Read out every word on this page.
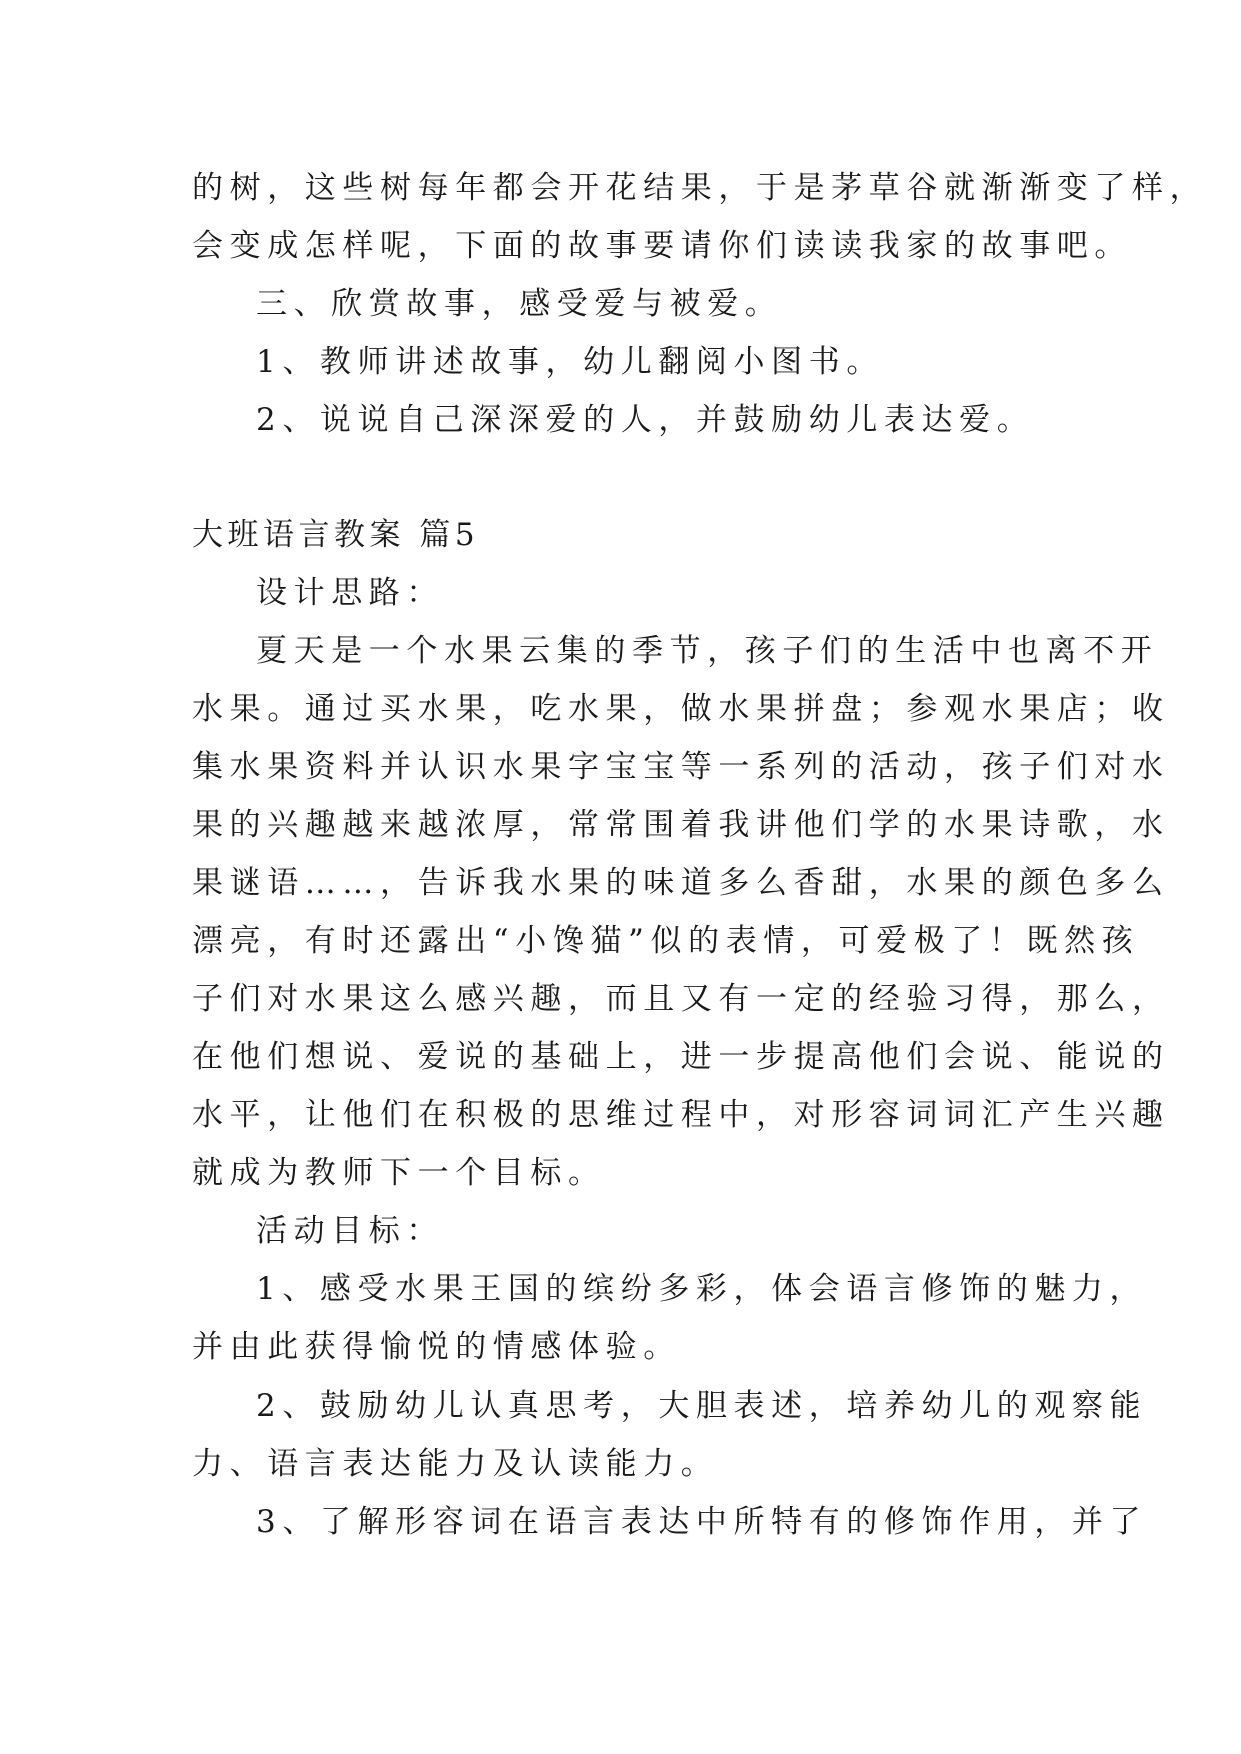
的树，这些树每年都会开花结果，于是茅草谷就渐渐变了样，
会变成怎样呢，下面的故事要请你们读读我家的故事吧。
三、欣赏故事，感受爱与被爱。
1、教师讲述故事，幼儿翻阅小图书。
2、说说自己深深爱的人，并鼓励幼儿表达爱。
大班语言教案 篇5
设计思路：
夏天是一个水果云集的季节，孩子们的生活中也离不开
水果。通过买水果，吃水果，做水果拼盘；参观水果店；收
集水果资料并认识水果字宝宝等一系列的活动，孩子们对水
果的兴趣越来越浓厚，常常围着我讲他们学的水果诗歌，水
果谜语……，告诉我水果的味道多么香甜，水果的颜色多么
漂亮，有时还露出“小馋猫”似的表情，可爱极了！既然孩
子们对水果这么感兴趣，而且又有一定的经验习得，那么，
在他们想说、爱说的基础上，进一步提高他们会说、能说的
水平，让他们在积极的思维过程中，对形容词词汇产生兴趣
就成为教师下一个目标。
活动目标：
1、感受水果王国的缤纷多彩，体会语言修饰的魅力，
并由此获得愉悦的情感体验。
2、鼓励幼儿认真思考，大胆表述，培养幼儿的观察能
力、语言表达能力及认读能力。
3、了解形容词在语言表达中所特有的修饰作用，并了
